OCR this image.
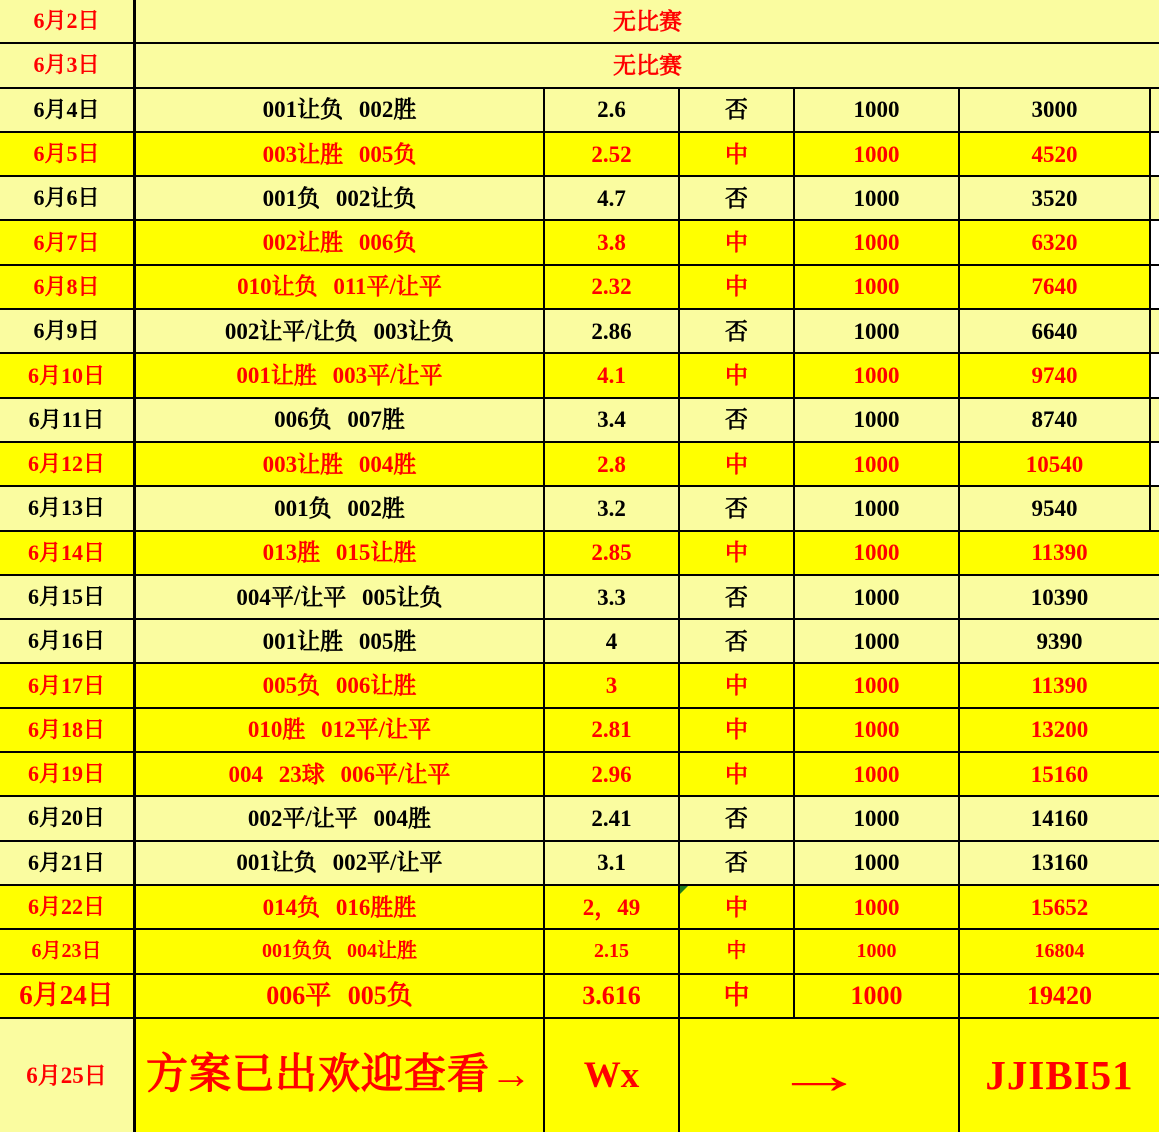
6月2日	无比赛
6月3日	无比赛
6月4日	001让负 002胜	2.6	否	1000	3000
6月5日	003让胜 005负	2.52	中	1000	4520
6月6日	001负 002让负	4.7	否	1000	3520
6月7日	002让胜 006负	3.8	中	1000	6320
6月8日	010让负 011平/让平	2.32	中	1000	7640
6月9日	002让平/让负 003让负	2.86	否	1000	6640
6月10日	001让胜 003平/让平	4.1	中	1000	9740
6月11日	006负 007胜	3.4	否	1000	8740
6月12日	003让胜 004胜	2.8	中	1000	10540
6月13日	001负 002胜	3.2	否	1000	9540
6月14日	013胜 015让胜	2.85	中	1000	11390
6月15日	004平/让平 005让负	3.3	否	1000	10390
6月16日	001让胜 005胜	4	否	1000	9390
6月17日	005负 006让胜	3	中	1000	11390
6月18日	010胜 012平/让平	2.81	中	1000	13200
6月19日	004 23球 006平/让平	2.96	中	1000	15160
6月20日	002平/让平 004胜	2.41	否	1000	14160
6月21日	001让负 002平/让平	3.1	否	1000	13160
6月22日	014负 016胜胜	2，49	中	1000	15652
6月23日	001负负 004让胜	2.15	中	1000	16804
6月24日	006平 005负	3.616	中	1000	19420
6月25日 方案已出欢迎查看→	Wx	→	JJIBI51
